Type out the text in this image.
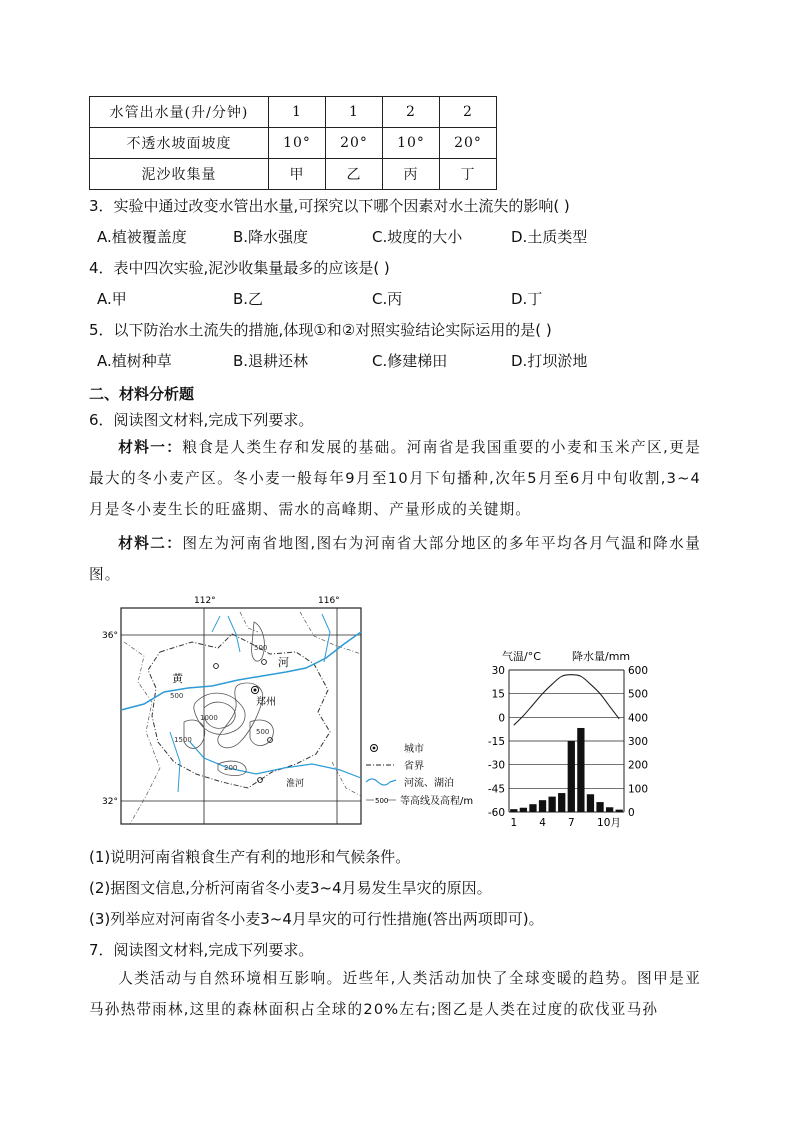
水管出水量(升/分钟)	1	1	2	2
不透水坡面坡度	10°	20°	10°	20°
泥沙收集量	甲	乙	丙	丁
3．实验中通过改变水管出水量,可探究以下哪个因素对水土流失的影响( )
A.植被覆盖度	B.降水强度	C.坡度的大小	D.土质类型
4．表中四次实验,泥沙收集量最多的应该是( )
A.甲	B.乙	C.丙	D.丁
5．以下防治水土流失的措施,体现①和②对照实验结论实际运用的是( )
A.植树种草	B.退耕还林	C.修建梯田	D.打坝淤地
二、材料分析题
6．阅读图文材料,完成下列要求。
材料一：粮食是人类生存和发展的基础。河南省是我国重要的小麦和玉米产区,更是最大的冬小麦产区。冬小麦一般每年9月至10月下旬播种,次年5月至6月中旬收割,3~4月是冬小麦生长的旺盛期、需水的高峰期、产量形成的关键期。
材料二：图左为河南省地图,图右为河南省大部分地区的多年平均各月气温和降水量图。
112°	116°
36°
32°
500
1000
1500
500
200
500
黄
河
郑州
淮河
城市
省界
河流、湖泊
500 等高线及高程/m
气温/°C	降水量/mm
30
15
0
-15
-30
-45
-60
600
500
400
300
200
100
0
1 4 7 10月
(1)说明河南省粮食生产有利的地形和气候条件。
(2)据图文信息,分析河南省冬小麦3~4月易发生旱灾的原因。
(3)列举应对河南省冬小麦3~4月旱灾的可行性措施(答出两项即可)。
7．阅读图文材料,完成下列要求。
人类活动与自然环境相互影响。近些年,人类活动加快了全球变暖的趋势。图甲是亚马孙热带雨林,这里的森林面积占全球的20%左右;图乙是人类在过度的砍伐亚马孙
